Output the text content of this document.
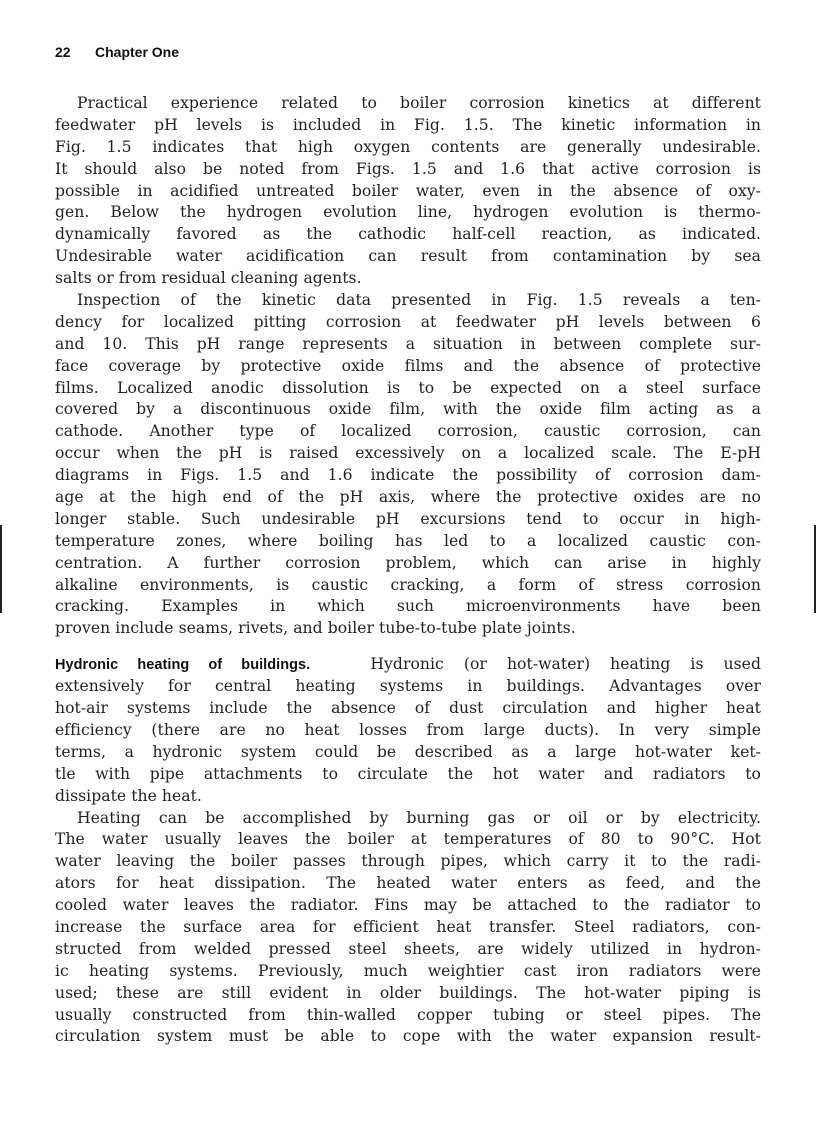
22 Chapter One
Practical experience related to boiler corrosion kinetics at different
feedwater pH levels is included in Fig. 1.5. The kinetic information in
Fig. 1.5 indicates that high oxygen contents are generally undesirable.
It should also be noted from Figs. 1.5 and 1.6 that active corrosion is
possible in acidified untreated boiler water, even in the absence of oxy-
gen. Below the hydrogen evolution line, hydrogen evolution is thermo-
dynamically favored as the cathodic half-cell reaction, as indicated.
Undesirable water acidification can result from contamination by sea
salts or from residual cleaning agents.
Inspection of the kinetic data presented in Fig. 1.5 reveals a ten-
dency for localized pitting corrosion at feedwater pH levels between 6
and 10. This pH range represents a situation in between complete sur-
face coverage by protective oxide films and the absence of protective
films. Localized anodic dissolution is to be expected on a steel surface
covered by a discontinuous oxide film, with the oxide film acting as a
cathode. Another type of localized corrosion, caustic corrosion, can
occur when the pH is raised excessively on a localized scale. The E-pH
diagrams in Figs. 1.5 and 1.6 indicate the possibility of corrosion dam-
age at the high end of the pH axis, where the protective oxides are no
longer stable. Such undesirable pH excursions tend to occur in high-
temperature zones, where boiling has led to a localized caustic con-
centration. A further corrosion problem, which can arise in highly
alkaline environments, is caustic cracking, a form of stress corrosion
cracking. Examples in which such microenvironments have been
proven include seams, rivets, and boiler tube-to-tube plate joints.
Hydronic heating of buildings.	Hydronic (or hot-water) heating is used
extensively for central heating systems in buildings. Advantages over
hot-air systems include the absence of dust circulation and higher heat
efficiency (there are no heat losses from large ducts). In very simple
terms, a hydronic system could be described as a large hot-water ket-
tle with pipe attachments to circulate the hot water and radiators to
dissipate the heat.
Heating can be accomplished by burning gas or oil or by electricity.
The water usually leaves the boiler at temperatures of 80 to 90°C. Hot
water leaving the boiler passes through pipes, which carry it to the radi-
ators for heat dissipation. The heated water enters as feed, and the
cooled water leaves the radiator. Fins may be attached to the radiator to
increase the surface area for efficient heat transfer. Steel radiators, con-
structed from welded pressed steel sheets, are widely utilized in hydron-
ic heating systems. Previously, much weightier cast iron radiators were
used; these are still evident in older buildings. The hot-water piping is
usually constructed from thin-walled copper tubing or steel pipes. The
circulation system must be able to cope with the water expansion result-
